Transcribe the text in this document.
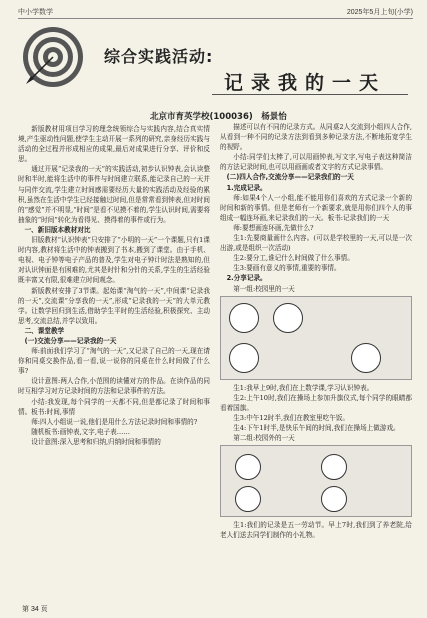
中小学数学	2025年5月上旬(小学)
综合实践活动:
记录我的一天
北京市育英学校(100036)　杨景怡

新版教材用项目学习的理念统领综合与实践内容,结合真实情境,产生驱动性问题,使学生主动开展一系列的研究,亲身经历实践与活动的全过程并形成相应的成果,最后对成果进行分享、评价和反思。

通过开展“记录我的一天”的实践活动,初步认识钟表,会认读整时和半时,能将生活中的事件与时间建立联系,能记录自己的一天并与同伴交流,学生建立时间感需要经历大量的实践活动及经验的累积,虽然在生活中学生已经接触过时间,但是常常看到钟表,但对时间的“感觉”并不明显,“时间”是看不见摸不着的,学生认识时间,需要将抽象的“时间”转化为看得见、摸得着的事件或行为。

一、新旧版本教材对比

旧版教材“认识钟表”只安排了“小明的一天”一个课题,只有1课时内容,教材将生活中的钟表搬到了书本,搬到了课堂。由于手机、电视、电子钟等电子产品的普及,学生对电子钟计时法是熟知的,但对认识钟面是有困难的,尤其是时针和分针的关系,学生的生活经验既丰富又有限,很难建立时间观念。

新版教材安排了3节课。起始课“淘气的一天”,中间课“记录我的一天”,交流课“分享我的一天”,形成“记录我的一天”的大单元教学。让数学回归到生活,借助学生平时的生活经验,积极探究、主动思考,交流总结,并学以致用。

二、课堂教学

(一)交流分享——记录我的一天

师:前面我们学习了“淘气的一天”,又记录了自己的一天,现在请你和同桌交换作品,看一看,说一说你的同桌在什么时间做了什么事?

设计意图:两人合作,小范围的读懂对方的作品。在读作品的同时互相学习对方记录时间的方法和记录事件的方法。

小结:我发现,每个同学的一天都不同,但是都记录了时间和事情。板书:时间,事情

师:四人小组说一说,他们是用什么方法记录时间和事情的?

随机板书:画钟表,文字,电子表……

设计意图:深入思考和归纳,归纳时间和事情的

描述可以有不同的记录方式。从同桌2人交流到小组四人合作,从看到一种不同的记录方法到看到多种记录方法,不断地拓宽学生的视野。

小结:同学们太棒了,可以用画钟表,写文字,写电子表这种简洁的方法记录时间,也可以用画画或者文字的方式记录事情。

(二)四人合作,交流分享——记录我们的一天

1.完成记录。

师:如果4个人一小组,能不能用你们喜欢的方式记录一个新的时间和新的事情。但是老师有一个新要求,就是用你们四个人的事组成一幅连环画,来记录我们的一天。板书:记录我们的一天

师:要想画连环画,先做什么?

生1:先要商量画什么内容。(可以是学校里的一天,可以是一次出游,或是组织一次活动)

生2:要分工,谁记什么时间做了什么事情。

生3:要画有意义的事情,重要的事情。

2.分享记录。

第一组:校园里的一天

生1:我早上9时,我们在上数学课,学习认识钟表。

生2:上午10时,我们在操场上参加升旗仪式,每个同学的眼睛都看着国旗。

生3:中午12时半,我们在教室里吃午饭。

生4:下午1时半,是快乐午间的时间,我们在操场上做游戏。

第二组:校园外的一天

生1:我们的记录是五一劳动节。早上7时,我们到了养老院,给老人们送去同学们制作的小礼物。

第 34 页
